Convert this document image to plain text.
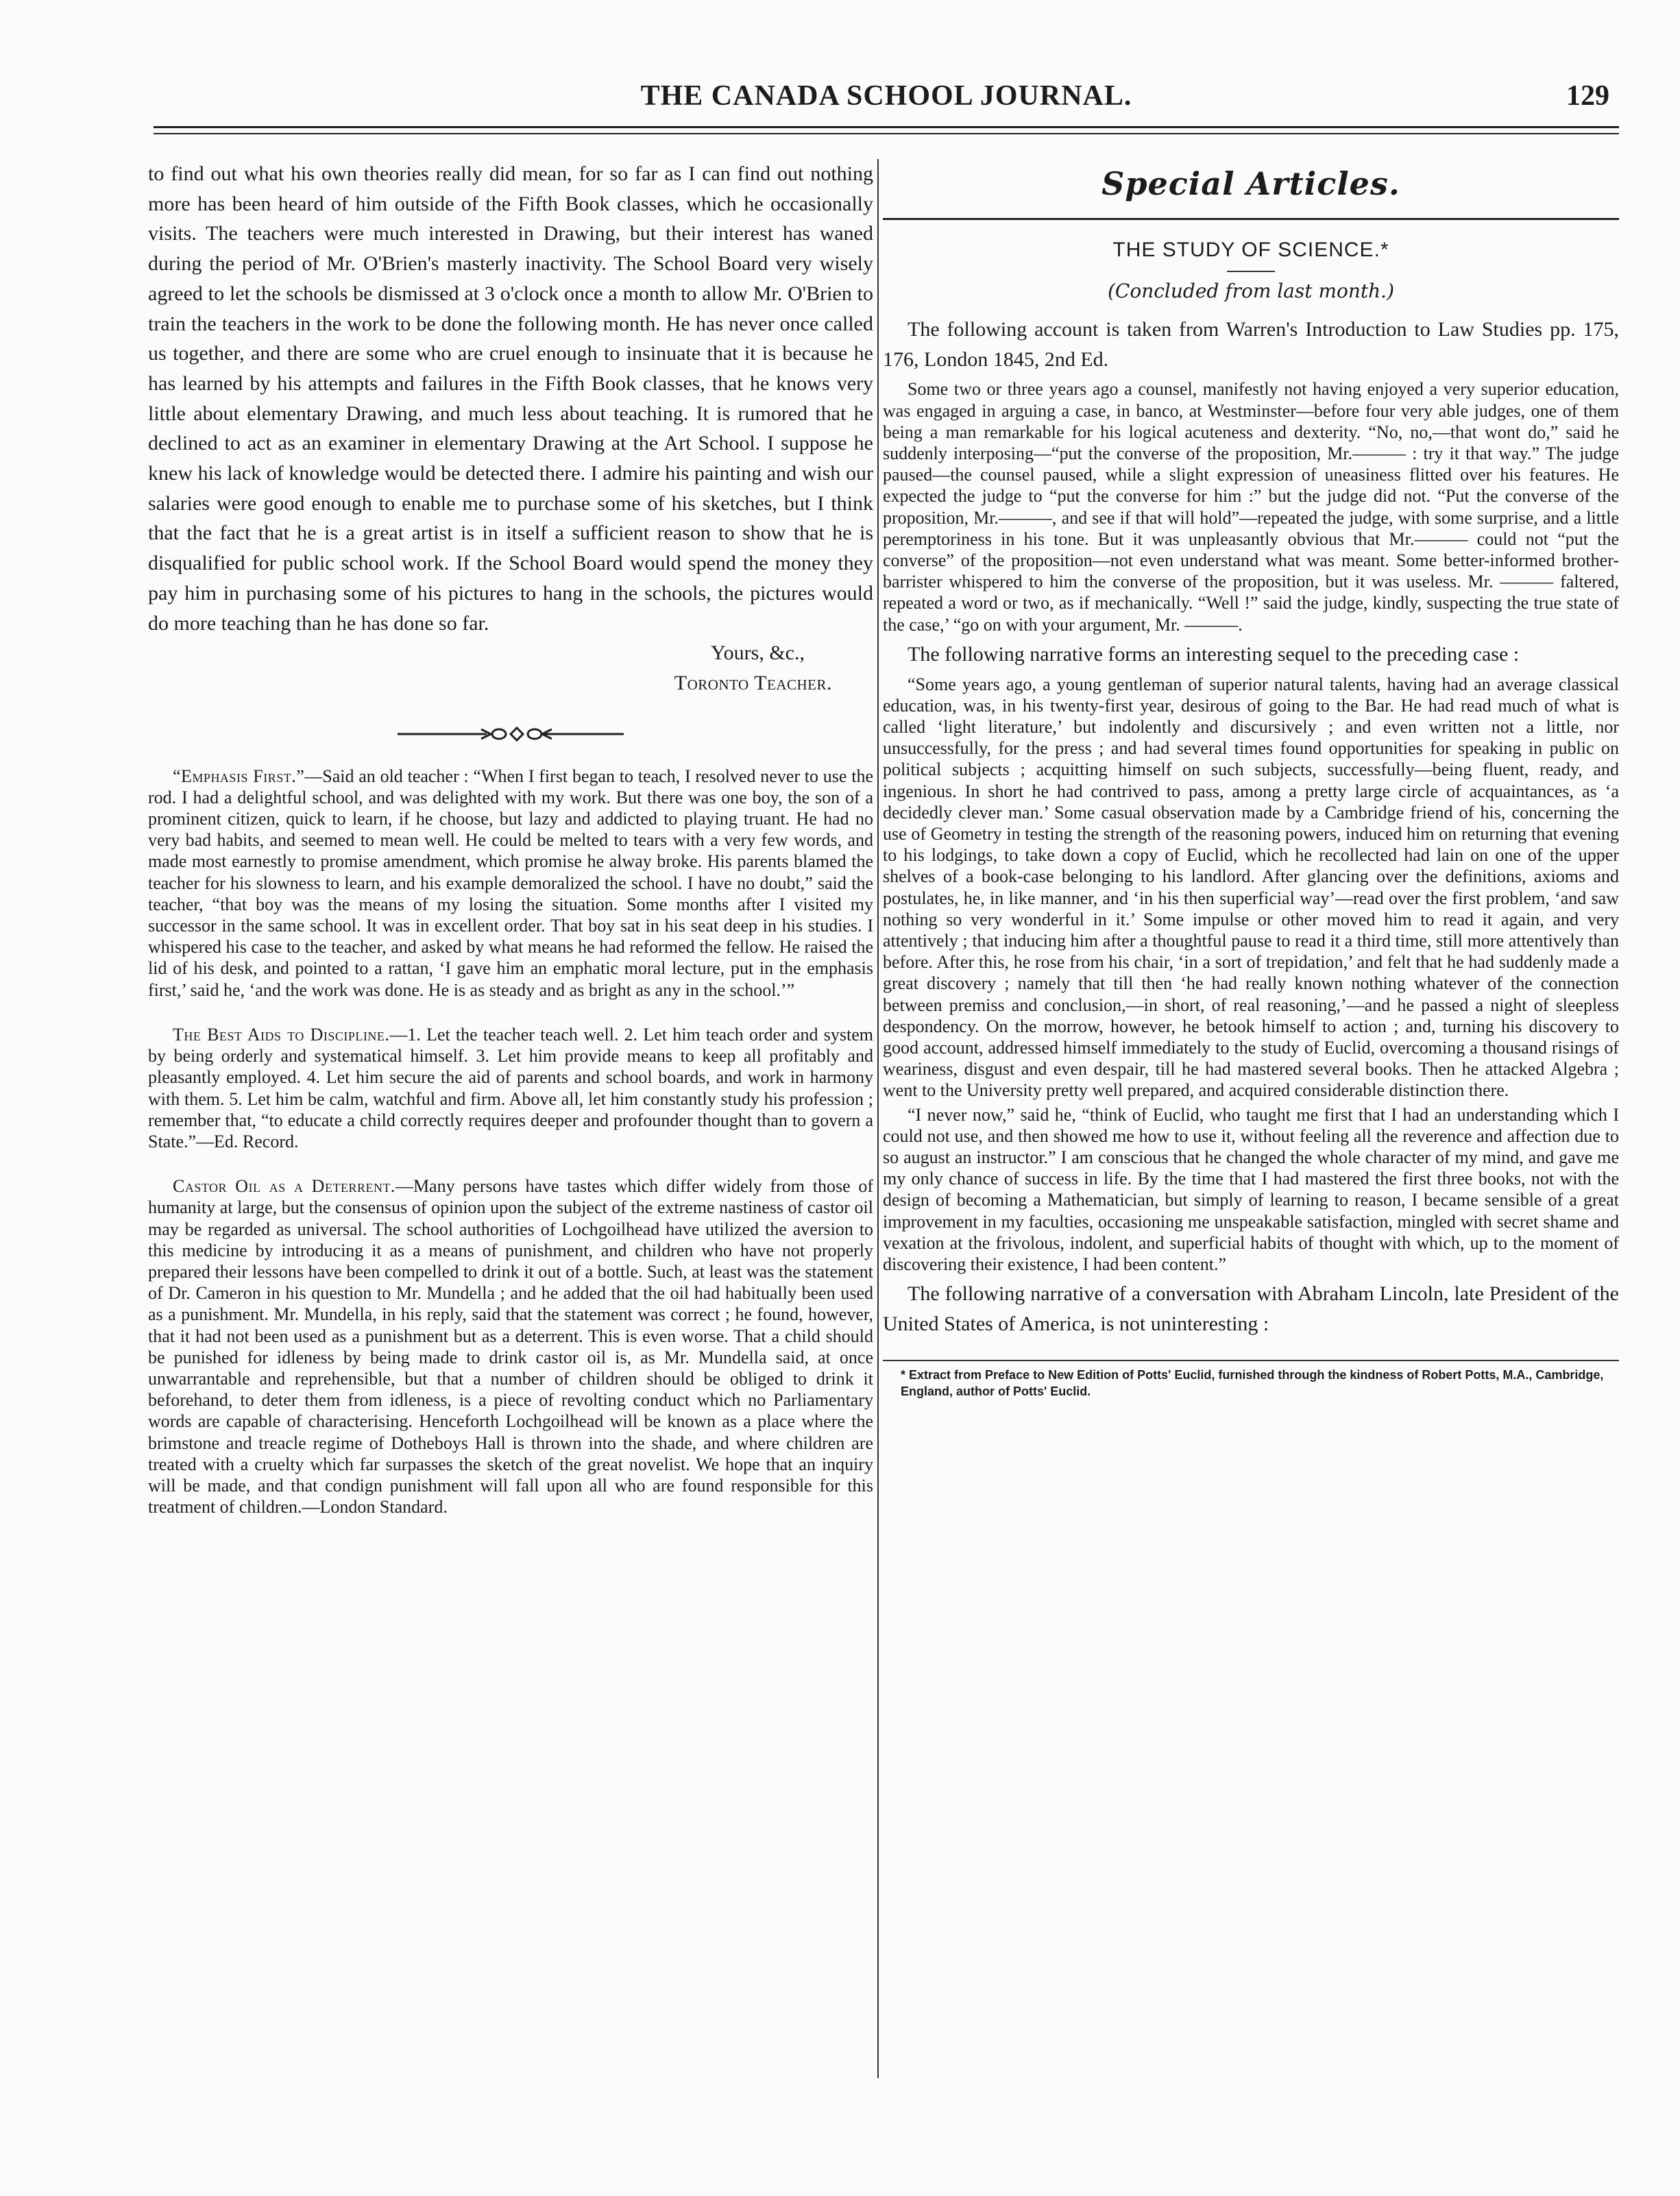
THE CANADA SCHOOL JOURNAL.	129

to find out what his own theories really did mean, for so far as I can find out nothing more has been heard of him outside of the Fifth Book classes, which he occasionally visits. The teachers were much interested in Drawing, but their interest has waned during the period of Mr. O'Brien's masterly inactivity. The School Board very wisely agreed to let the schools be dismissed at 3 o'clock once a month to allow Mr. O'Brien to train the teachers in the work to be done the following month. He has never once called us together, and there are some who are cruel enough to insinuate that it is because he has learned by his attempts and failures in the Fifth Book classes, that he knows very little about elementary Drawing, and much less about teaching. It is rumored that he declined to act as an examiner in elementary Drawing at the Art School. I suppose he knew his lack of knowledge would be detected there. I admire his painting and wish our salaries were good enough to enable me to purchase some of his sketches, but I think that the fact that he is a great artist is in itself a sufficient reason to show that he is disqualified for public school work. If the School Board would spend the money they pay him in purchasing some of his pictures to hang in the schools, the pictures would do more teaching than he has done so far.

Yours, &c.,

Toronto Teacher.

“Emphasis First.”—Said an old teacher : “When I first began to teach, I resolved never to use the rod. I had a delightful school, and was delighted with my work. But there was one boy, the son of a prominent citizen, quick to learn, if he choose, but lazy and addicted to playing truant. He had no very bad habits, and seemed to mean well. He could be melted to tears with a very few words, and made most earnestly to promise amendment, which promise he alway broke. His parents blamed the teacher for his slowness to learn, and his example demoralized the school. I have no doubt,” said the teacher, “that boy was the means of my losing the situation. Some months after I visited my successor in the same school. It was in excellent order. That boy sat in his seat deep in his studies. I whispered his case to the teacher, and asked by what means he had reformed the fellow. He raised the lid of his desk, and pointed to a rattan, ‘I gave him an emphatic moral lecture, put in the emphasis first,’ said he, ‘and the work was done. He is as steady and as bright as any in the school.’”

The Best Aids to Discipline.—1. Let the teacher teach well. 2. Let him teach order and system by being orderly and systematical himself. 3. Let him provide means to keep all profitably and pleasantly employed. 4. Let him secure the aid of parents and school boards, and work in harmony with them. 5. Let him be calm, watchful and firm. Above all, let him constantly study his profession ; remember that, “to educate a child correctly requires deeper and profounder thought than to govern a State.”—Ed. Record.

Castor Oil as a Deterrent.—Many persons have tastes which differ widely from those of humanity at large, but the consensus of opinion upon the subject of the extreme nastiness of castor oil may be regarded as universal. The school authorities of Lochgoilhead have utilized the aversion to this medicine by introducing it as a means of punishment, and children who have not properly prepared their lessons have been compelled to drink it out of a bottle. Such, at least was the statement of Dr. Cameron in his question to Mr. Mundella ; and he added that the oil had habitually been used as a punishment. Mr. Mundella, in his reply, said that the statement was correct ; he found, however, that it had not been used as a punishment but as a deterrent. This is even worse. That a child should be punished for idleness by being made to drink castor oil is, as Mr. Mundella said, at once unwarrantable and reprehensible, but that a number of children should be obliged to drink it beforehand, to deter them from idleness, is a piece of revolting conduct which no Parliamentary words are capable of characterising. Henceforth Lochgoilhead will be known as a place where the brimstone and treacle regime of Dotheboys Hall is thrown into the shade, and where children are treated with a cruelty which far surpasses the sketch of the great novelist. We hope that an inquiry will be made, and that condign punishment will fall upon all who are found responsible for this treatment of children.—London Standard.

Special Articles.
THE STUDY OF SCIENCE.*
(Concluded from last month.)

The following account is taken from Warren's Introduction to Law Studies pp. 175, 176, London 1845, 2nd Ed.

Some two or three years ago a counsel, manifestly not having enjoyed a very superior education, was engaged in arguing a case, in banco, at Westminster—before four very able judges, one of them being a man remarkable for his logical acuteness and dexterity. “No, no,—that wont do,” said he suddenly interposing—“put the converse of the proposition, Mr.——— : try it that way.” The judge paused—the counsel paused, while a slight expression of uneasiness flitted over his features. He expected the judge to “put the converse for him :” but the judge did not. “Put the converse of the proposition, Mr.———, and see if that will hold”—repeated the judge, with some surprise, and a little peremptoriness in his tone. But it was unpleasantly obvious that Mr.——— could not “put the converse” of the proposition—not even understand what was meant. Some better-informed brother-barrister whispered to him the converse of the proposition, but it was useless. Mr. ——— faltered, repeated a word or two, as if mechanically. “Well !” said the judge, kindly, suspecting the true state of the case,’ “go on with your argument, Mr. ———.

The following narrative forms an interesting sequel to the preceding case :

“Some years ago, a young gentleman of superior natural talents, having had an average classical education, was, in his twenty-first year, desirous of going to the Bar. He had read much of what is called ‘light literature,’ but indolently and discursively ; and even written not a little, nor unsuccessfully, for the press ; and had several times found opportunities for speaking in public on political subjects ; acquitting himself on such subjects, successfully—being fluent, ready, and ingenious. In short he had contrived to pass, among a pretty large circle of acquaintances, as ‘a decidedly clever man.’ Some casual observation made by a Cambridge friend of his, concerning the use of Geometry in testing the strength of the reasoning powers, induced him on returning that evening to his lodgings, to take down a copy of Euclid, which he recollected had lain on one of the upper shelves of a book-case belonging to his landlord. After glancing over the definitions, axioms and postulates, he, in like manner, and ‘in his then superficial way’—read over the first problem, ‘and saw nothing so very wonderful in it.’ Some impulse or other moved him to read it again, and very attentively ; that inducing him after a thoughtful pause to read it a third time, still more attentively than before. After this, he rose from his chair, ‘in a sort of trepidation,’ and felt that he had suddenly made a great discovery ; namely that till then ‘he had really known nothing whatever of the connection between premiss and conclusion,—in short, of real reasoning,’—and he passed a night of sleepless despondency. On the morrow, however, he betook himself to action ; and, turning his discovery to good account, addressed himself immediately to the study of Euclid, overcoming a thousand risings of weariness, disgust and even despair, till he had mastered several books. Then he attacked Algebra ; went to the University pretty well prepared, and acquired considerable distinction there.

“I never now,” said he, “think of Euclid, who taught me first that I had an understanding which I could not use, and then showed me how to use it, without feeling all the reverence and affection due to so august an instructor.” I am conscious that he changed the whole character of my mind, and gave me my only chance of success in life. By the time that I had mastered the first three books, not with the design of becoming a Mathematician, but simply of learning to reason, I became sensible of a great improvement in my faculties, occasioning me unspeakable satisfaction, mingled with secret shame and vexation at the frivolous, indolent, and superficial habits of thought with which, up to the moment of discovering their existence, I had been content.”

The following narrative of a conversation with Abraham Lincoln, late President of the United States of America, is not uninteresting :

* Extract from Preface to New Edition of Potts' Euclid, furnished through the kindness of Robert Potts, M.A., Cambridge, England, author of Potts' Euclid.
